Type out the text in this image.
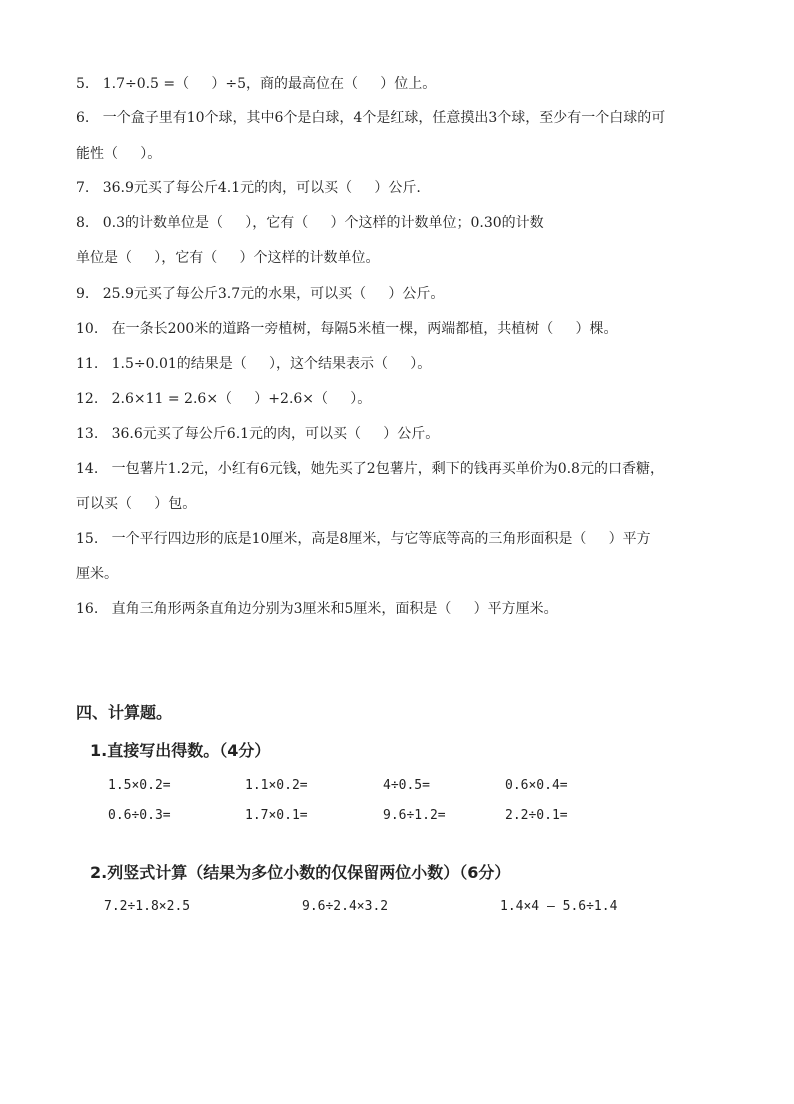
5.   1.7÷0.5 =（     ）÷5，商的最高位在（     ）位上。
6.   一个盒子里有10个球，其中6个是白球，4个是红球，任意摸出3个球，至少有一个白球的可
能性（     ）。
7.   36.9元买了每公斤4.1元的肉，可以买（     ）公斤.
8.   0.3的计数单位是（     ），它有（     ）个这样的计数单位；0.30的计数
单位是（     ），它有（     ）个这样的计数单位。
9.   25.9元买了每公斤3.7元的水果，可以买（     ）公斤。
10.   在一条长200米的道路一旁植树，每隔5米植一棵，两端都植，共植树（     ）棵。
11.   1.5÷0.01的结果是（     ），这个结果表示（     ）。
12.   2.6×11 = 2.6×（     ）+2.6×（     ）。
13.   36.6元买了每公斤6.1元的肉，可以买（     ）公斤。
14.   一包薯片1.2元，小红有6元钱，她先买了2包薯片，剩下的钱再买单价为0.8元的口香糖，
可以买（     ）包。
15.   一个平行四边形的底是10厘米，高是8厘米，与它等底等高的三角形面积是（     ）平方
厘米。
16.   直角三角形两条直角边分别为3厘米和5厘米，面积是（     ）平方厘米。
四、计算题。
1.直接写出得数。（4分）
1.5×0.2=	1.1×0.2=	4÷0.5=	0.6×0.4=
0.6÷0.3=	1.7×0.1=	9.6÷1.2=	2.2÷0.1=
2.列竖式计算（结果为多位小数的仅保留两位小数）（6分）
7.2÷1.8×2.5	9.6÷2.4×3.2	1.4×4 – 5.6÷1.4
